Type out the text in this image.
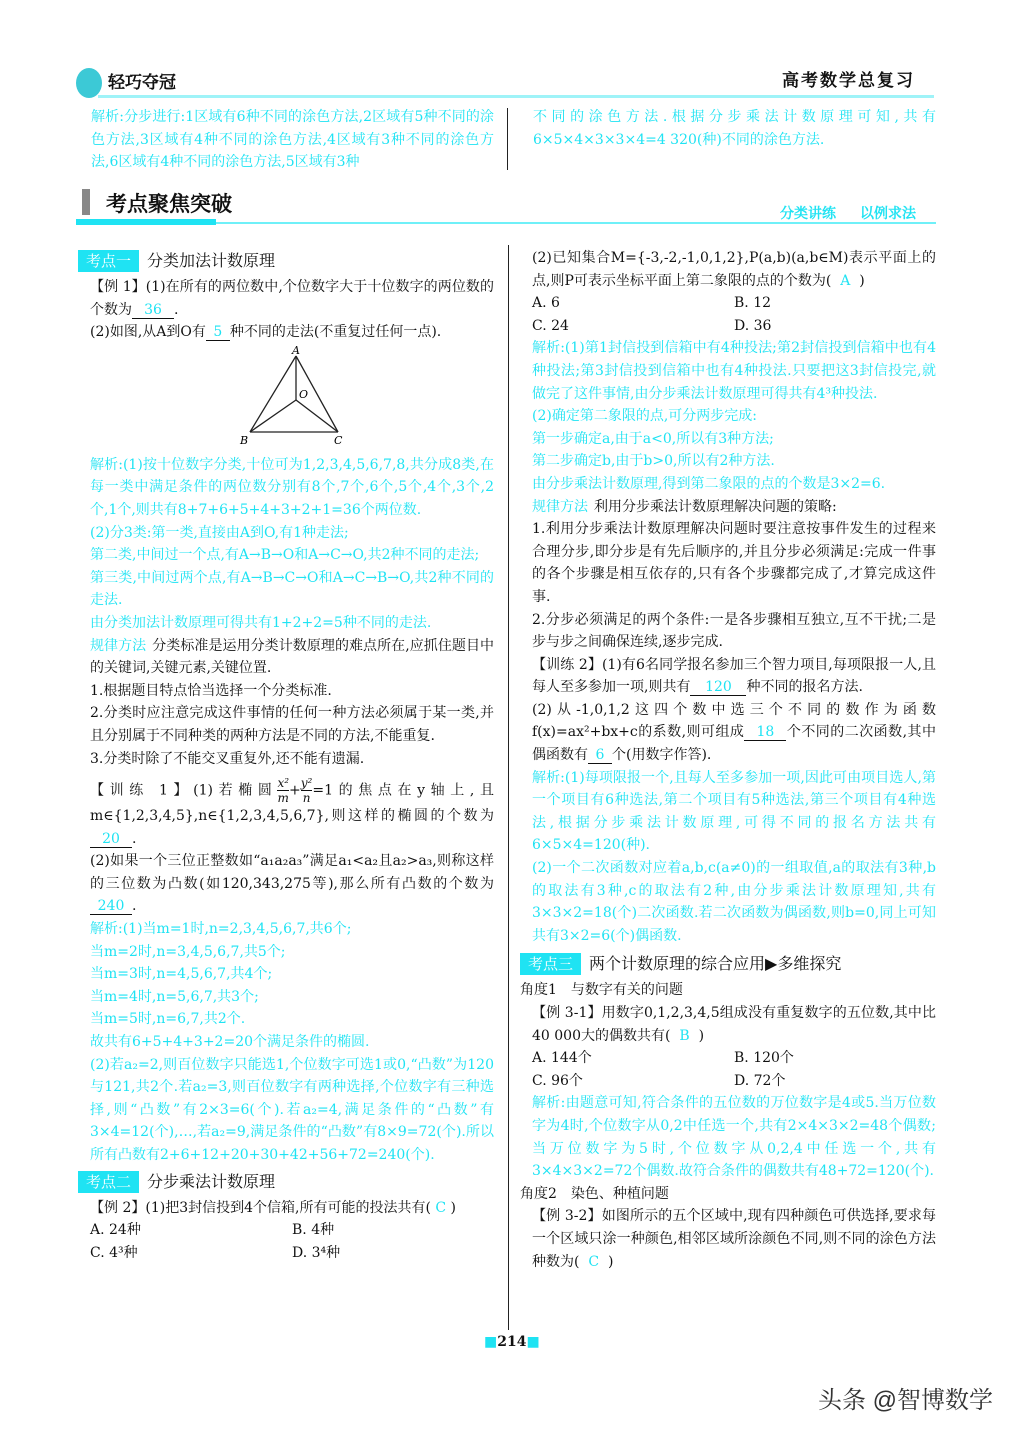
轻巧夺冠	高考数学总复习
解析:分步进行:1区域有6种不同的涂色方法,2区域有5种不同的涂色方法,3区域有4种不同的涂色方法,4区域有3种不同的涂色方法,6区域有4种不同的涂色方法,5区域有3种
不同的涂色方法.根据分步乘法计数原理可知,共有6×5×4×3×3×4=4 320(种)不同的涂色方法.
考点聚焦突破	分类讲练 以例求法
考点一 分类加法计数原理

【例 1】(1)在所有的两位数中,个位数字大于十位数字的两位数的个数为 36 .

(2)如图,从A到O有 5 种不同的走法(不重复过任何一点).

A
O
B	C

解析:(1)按十位数字分类,十位可为1,2,3,4,5,6,7,8,共分成8类,在每一类中满足条件的两位数分别有8个,7个,6个,5个,4个,3个,2个,1个,则共有8+7+6+5+4+3+2+1=36个两位数.

(2)分3类:第一类,直接由A到O,有1种走法;

第二类,中间过一个点,有A→B→O和A→C→O,共2种不同的走法;

第三类,中间过两个点,有A→B→C→O和A→C→B→O,共2种不同的走法.

由分类加法计数原理可得共有1+2+2=5种不同的走法.

规律方法 分类标准是运用分类计数原理的难点所在,应抓住题目中的关键词,关键元素,关键位置.

1.根据题目特点恰当选择一个分类标准.

2.分类时应注意完成这件事情的任何一种方法必须属于某一类,并且分别属于不同种类的两种方法是不同的方法,不能重复.

3.分类时除了不能交叉重复外,还不能有遗漏.

【训练 1】(1)若椭圆 $\frac{\text{x²}}{m} + \frac{\text{y²}}{n} =1$的焦点在y轴上,且m∈{1,2,3,4,5},n∈{1,2,3,4,5,6,7},则这样的椭圆的个数为20 .

(2)如果一个三位正整数如“a₁a₂a₃”满足a₁<a₂且a₂>a₃,则称这样的三位数为凸数(如120,343,275等),那么所有凸数的个数为240 .

解析:(1)当m=1时,n=2,3,4,5,6,7,共6个;

当m=2时,n=3,4,5,6,7,共5个;

当m=3时,n=4,5,6,7,共4个;

当m=4时,n=5,6,7,共3个;

当m=5时,n=6,7,共2个.

故共有6+5+4+3+2=20个满足条件的椭圆.

(2)若a₂=2,则百位数字只能选1,个位数字可选1或0,“凸数”为120与121,共2个.若a₂=3,则百位数字有两种选择,个位数字有三种选择,则“凸数”有2×3=6(个).若a₂=4,满足条件的“凸数”有3×4=12(个),…,若a₂=9,满足条件的“凸数”有8×9=72(个).所以所有凸数有2+6+12+20+30+42+56+72=240(个).

考点二 分步乘法计数原理

【例 2】(1)把3封信投到4个信箱,所有可能的投法共有( C )

A. 24种	B. 4种
C. 4³种	D. 3⁴种

(2)已知集合M={-3,-2,-1,0,1,2},P(a,b)(a,b∈M)表示平面上的点,则P可表示坐标平面上第二象限的点的个数为( A )

A. 6	B. 12
C. 24	D. 36

解析:(1)第1封信投到信箱中有4种投法;第2封信投到信箱中也有4种投法;第3封信投到信箱中也有4种投法.只要把这3封信投完,就做完了这件事情,由分步乘法计数原理可得共有4³种投法.

(2)确定第二象限的点,可分两步完成:

第一步确定a,由于a<0,所以有3种方法;

第二步确定b,由于b>0,所以有2种方法.

由分步乘法计数原理,得到第二象限的点的个数是3×2=6.

规律方法 利用分步乘法计数原理解决问题的策略:

1.利用分步乘法计数原理解决问题时要注意按事件发生的过程来合理分步,即分步是有先后顺序的,并且分步必须满足:完成一件事的各个步骤是相互依存的,只有各个步骤都完成了,才算完成这件事.

2.分步必须满足的两个条件:一是各步骤相互独立,互不干扰;二是步与步之间确保连续,逐步完成.

【训练 2】(1)有6名同学报名参加三个智力项目,每项限报一人,且每人至多参加一项,则共有 120 种不同的报名方法.

(2)从-1,0,1,2这四个数中选三个不同的数作为函数f(x)=ax²+bx+c的系数,则可组成 18 个不同的二次函数,其中偶函数有 6 个(用数字作答).

解析:(1)每项限报一个,且每人至多参加一项,因此可由项目选人,第一个项目有6种选法,第二个项目有5种选法,第三个项目有4种选法,根据分步乘法计数原理,可得不同的报名方法共有6×5×4=120(种).

(2)一个二次函数对应着a,b,c(a≠0)的一组取值,a的取法有3种,b的取法有3种,c的取法有2种,由分步乘法计数原理知,共有3×3×2=18(个)二次函数.若二次函数为偶函数,则b=0,同上可知共有3×2=6(个)偶函数.

考点三 两个计数原理的综合应用▶多维探究

角度1　与数字有关的问题

【例 3-1】用数字0,1,2,3,4,5组成没有重复数字的五位数,其中比40 000大的偶数共有( B )

A. 144个	B. 120个
C. 96个	D. 72个

解析:由题意可知,符合条件的五位数的万位数字是4或5.当万位数字为4时,个位数字从0,2中任选一个,共有2×4×3×2=48个偶数;当万位数字为5时,个位数字从0,2,4中任选一个,共有3×4×3×2=72个偶数.故符合条件的偶数共有48+72=120(个).

角度2　染色、种植问题

【例 3-2】如图所示的五个区域中,现有四种颜色可供选择,要求每一个区域只涂一种颜色,相邻区域所涂颜色不同,则不同的涂色方法种数为( C )

■214■
头条 @智博数学
